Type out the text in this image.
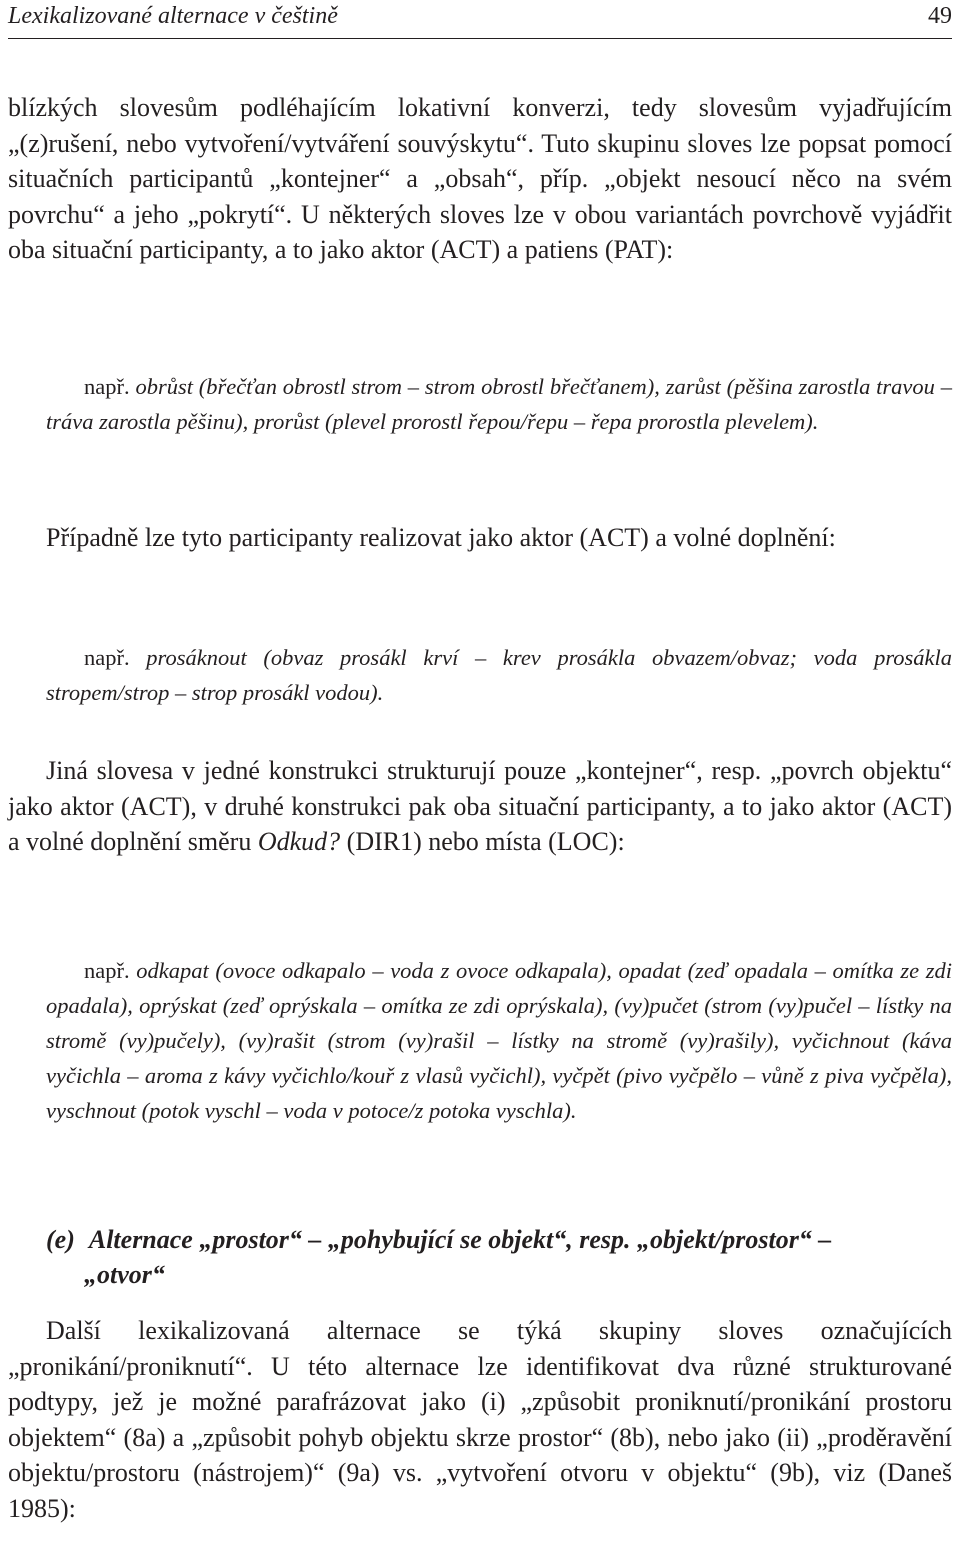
Lexikalizované alternace v češtině	49

blízkých slovesům podléhajícím lokativní konverzi, tedy slovesům vyjadřujícím „(z)rušení, nebo vytvoření/vytváření souvýskytu“. Tuto skupinu sloves lze popsat pomocí situačních participantů „kontejner“ a „obsah“, příp. „objekt nesoucí něco na svém povrchu“ a jeho „pokrytí“. U některých sloves lze v obou variantách povrchově vyjádřit oba situační participanty, a to jako aktor (ACT) a patiens (PAT):

např. obrůst (břečťan obrostl strom – strom obrostl břečťanem), zarůst (pěšina zarostla travou – tráva zarostla pěšinu), prorůst (plevel prorostl řepou/řepu – řepa prorostla plevelem).

Případně lze tyto participanty realizovat jako aktor (ACT) a volné doplnění:

např. prosáknout (obvaz prosákl krví – krev prosákla obvazem/obvaz; voda prosákla stropem/strop – strop prosákl vodou).

Jiná slovesa v jedné konstrukci strukturují pouze „kontejner“, resp. „povrch objektu“ jako aktor (ACT), v druhé konstrukci pak oba situační participanty, a to jako aktor (ACT) a volné doplnění směru Odkud? (DIR1) nebo místa (LOC):

např. odkapat (ovoce odkapalo – voda z ovoce odkapala), opadat (zeď opadala – omítka ze zdi opadala), oprýskat (zeď oprýskala – omítka ze zdi oprýskala), (vy)pučet (strom (vy)pučel – lístky na stromě (vy)pučely), (vy)rašit (strom (vy)rašil – lístky na stromě (vy)rašily), vyčichnout (káva vyčichla – aroma z kávy vyčichlo/kouř z vlasů vyčichl), vyčpět (pivo vyčpělo – vůně z piva vyčpěla), vyschnout (potok vyschl – voda v potoce/z potoka vyschla).

(e) Alternace „prostor“ – „pohybující se objekt“, resp. „objekt/prostor“ –
„otvor“

Další lexikalizovaná alternace se týká skupiny sloves označujících „pronikání/proniknutí“. U této alternace lze identifikovat dva různé strukturované podtypy, jež je možné parafrázovat jako (i) „způsobit proniknutí/pronikání prostoru objektem“ (8a) a „způsobit pohyb objektu skrze prostor“ (8b), nebo jako (ii) „proděravění objektu/prostoru (nástrojem)“ (9a) vs. „vytvoření otvoru v objektu“ (9b), viz (Daneš 1985):
